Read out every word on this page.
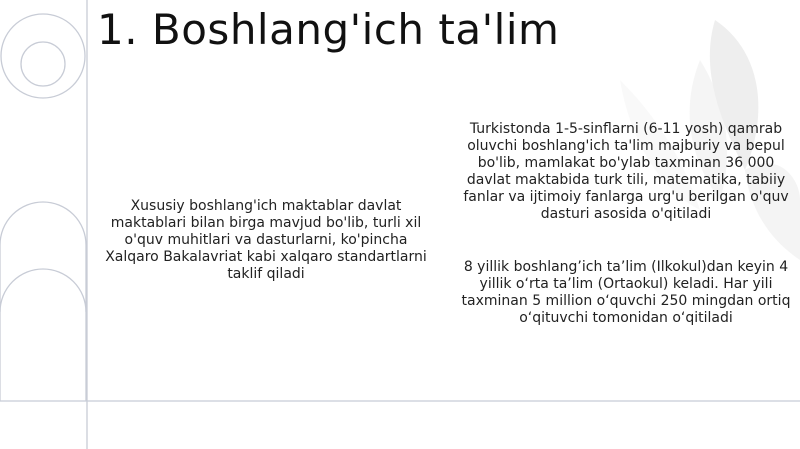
1. Boshlang'ich ta'lim
Xususiy boshlang'ich maktablar davlat maktablari bilan birga mavjud bo'lib, turli xil o'quv muhitlari va dasturlarni, ko'pincha Xalqaro Bakalavriat kabi xalqaro standartlarni taklif qiladi
Turkistonda 1-5-sinflarni (6-11 yosh) qamrab oluvchi boshlang'ich ta'lim majburiy va bepul bo'lib, mamlakat bo'ylab taxminan 36 000 davlat maktabida turk tili, matematika, tabiiy fanlar va ijtimoiy fanlarga urg'u berilgan o'quv dasturi asosida o'qitiladi
8 yillik boshlang’ich ta’lim (Ilkokul)dan keyin 4 yillik o‘rta ta’lim (Ortaokul) keladi. Har yili taxminan 5 million o‘quvchi 250 mingdan ortiq o‘qituvchi tomonidan o‘qitiladi
